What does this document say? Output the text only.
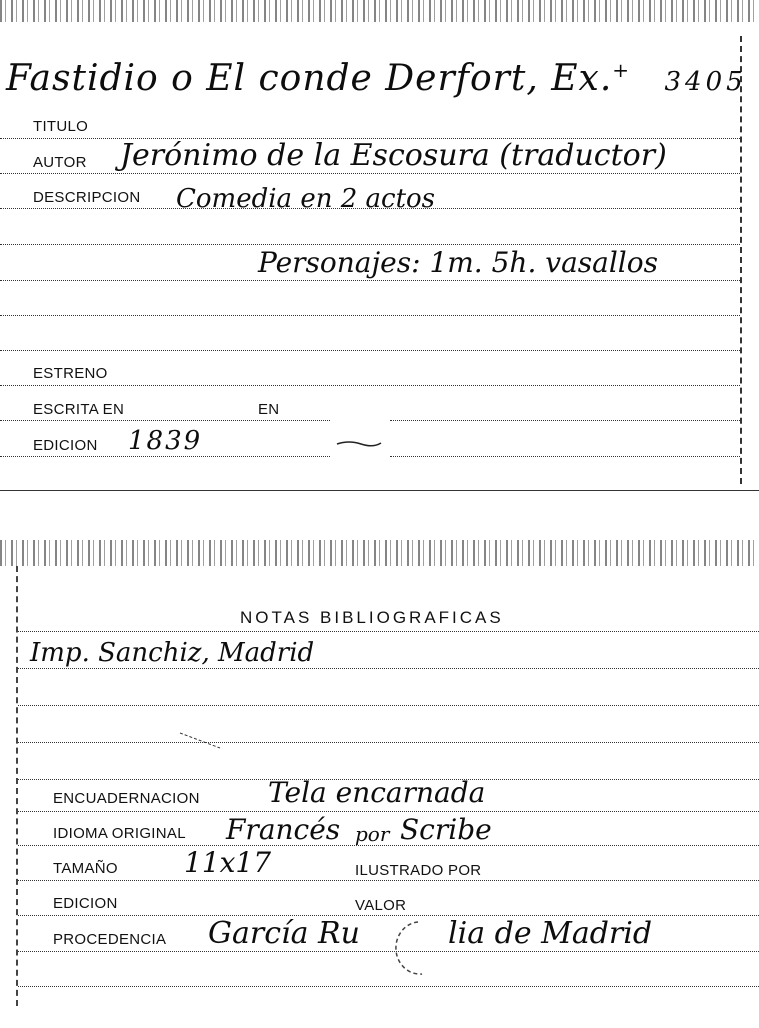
Fastidio o El conde Derfort, Ex.+ 3405
TITULO
AUTOR Jerónimo de la Escosura (traductor)
DESCRIPCION Comedia en 2 actos
Personajes: 1m. 5h. vasallos
ESTRENO
ESCRITA EN	EN
EDICION 1839
NOTAS BIBLIOGRAFICAS
Imp. Sanchiz, Madrid
ENCUADERNACION Tela encarnada
IDIOMA ORIGINAL Francés por Scribe
TAMAÑO 11x17	ILUSTRADO POR
EDICION	VALOR
PROCEDENCIA García Ru	lia de Madrid
